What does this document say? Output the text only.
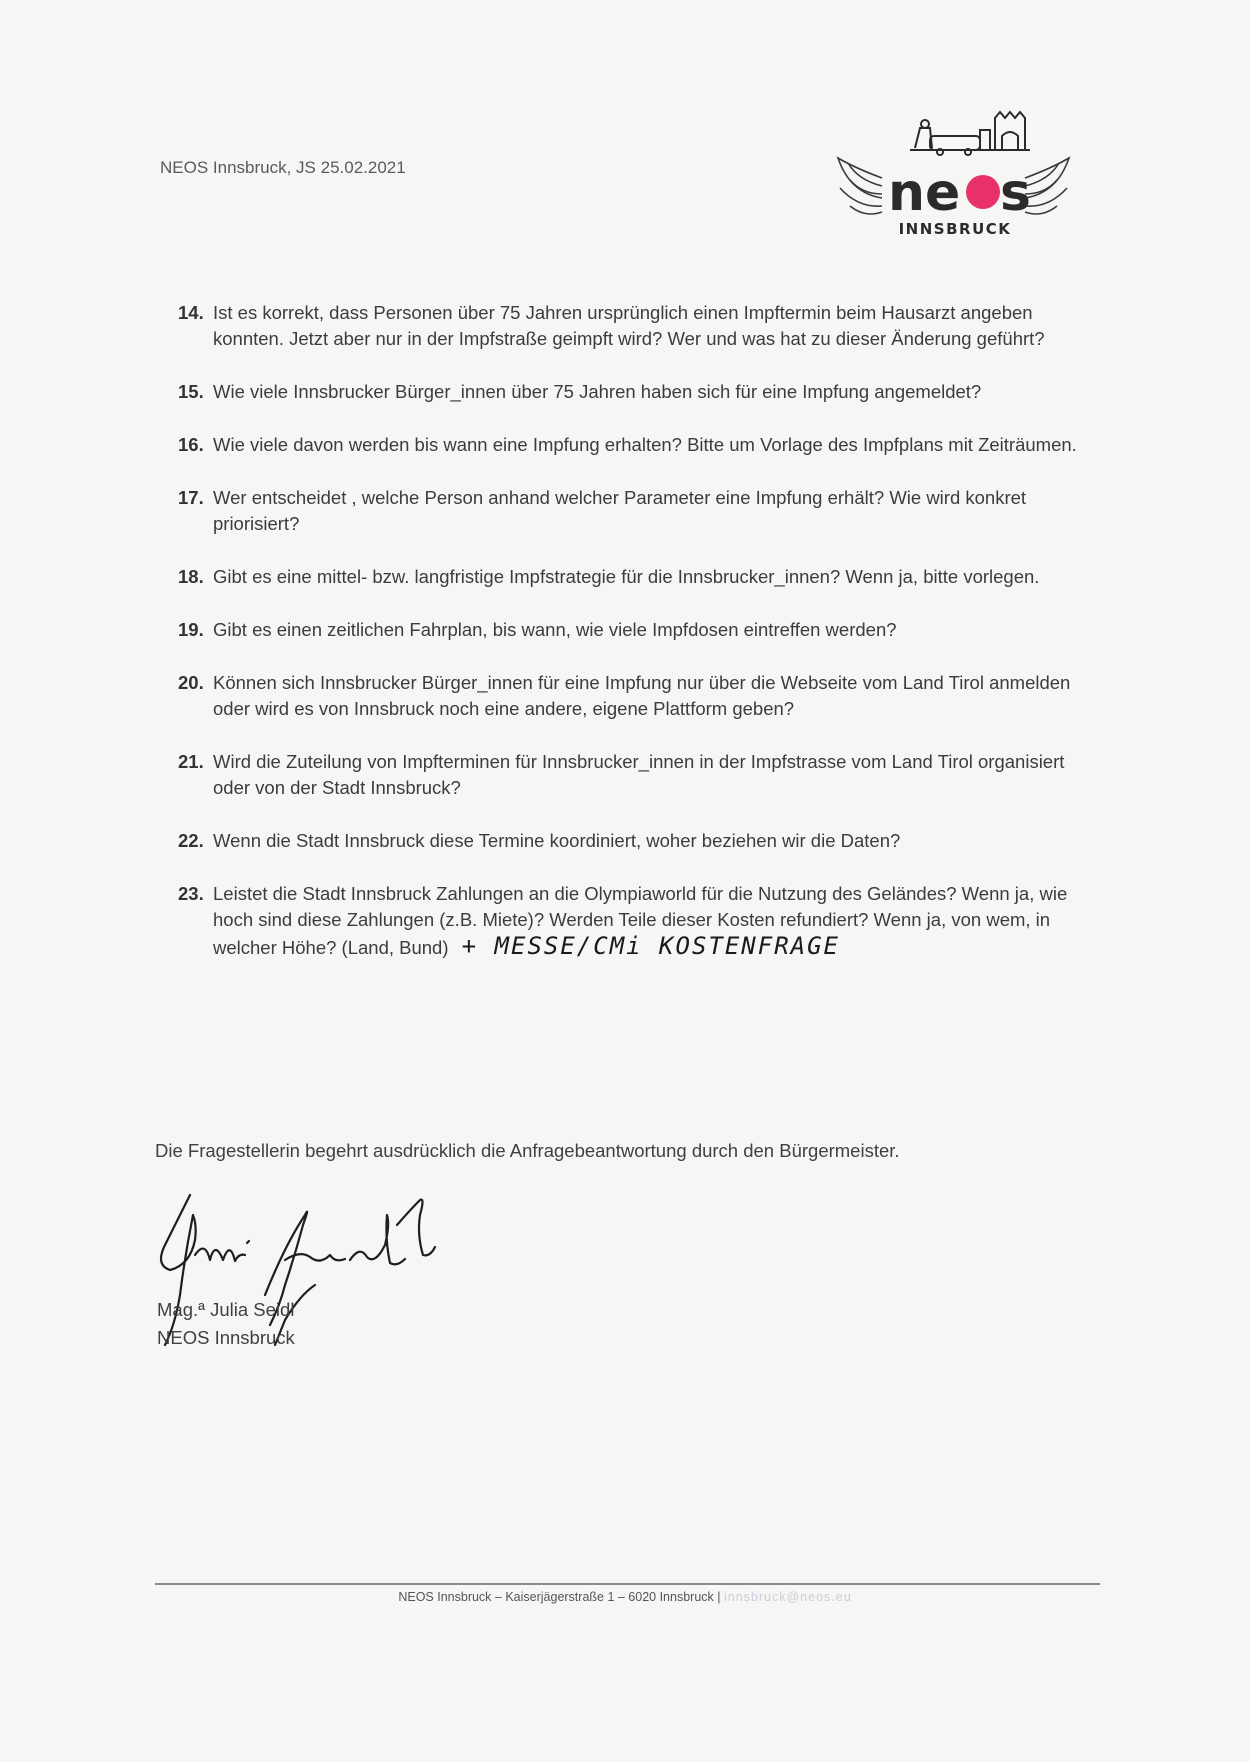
NEOS Innsbruck, JS 25.02.2021	ne s
INNSBRUCK
14. Ist es korrekt, dass Personen über 75 Jahren ursprünglich einen Impftermin beim Hausarzt angeben konnten. Jetzt aber nur in der Impfstraße geimpft wird? Wer und was hat zu dieser Änderung geführt?
15. Wie viele Innsbrucker Bürger_innen über 75 Jahren haben sich für eine Impfung angemeldet?
16. Wie viele davon werden bis wann eine Impfung erhalten? Bitte um Vorlage des Impfplans mit Zeiträumen.
17. Wer entscheidet , welche Person anhand welcher Parameter eine Impfung erhält? Wie wird konkret priorisiert?
18. Gibt es eine mittel- bzw. langfristige Impfstrategie für die Innsbrucker_innen? Wenn ja, bitte vorlegen.
19. Gibt es einen zeitlichen Fahrplan, bis wann, wie viele Impfdosen eintreffen werden?
20. Können sich Innsbrucker Bürger_innen für eine Impfung nur über die Webseite vom Land Tirol anmelden oder wird es von Innsbruck noch eine andere, eigene Plattform geben?
21. Wird die Zuteilung von Impfterminen für Innsbrucker_innen in der Impfstrasse vom Land Tirol organisiert oder von der Stadt Innsbruck?
22. Wenn die Stadt Innsbruck diese Termine koordiniert, woher beziehen wir die Daten?
23. Leistet die Stadt Innsbruck Zahlungen an die Olympiaworld für die Nutzung des Geländes? Wenn ja, wie hoch sind diese Zahlungen (z.B. Miete)? Werden Teile dieser Kosten refundiert? Wenn ja, von wem, in welcher Höhe? (Land, Bund) + MESSE/CMi KOSTENFRAGE
Die Fragestellerin begehrt ausdrücklich die Anfragebeantwortung durch den Bürgermeister.
Mag.ª Julia Seidl
NEOS Innsbruck
NEOS Innsbruck – Kaiserjägerstraße 1 – 6020 Innsbruck | innsbruck@neos.eu
